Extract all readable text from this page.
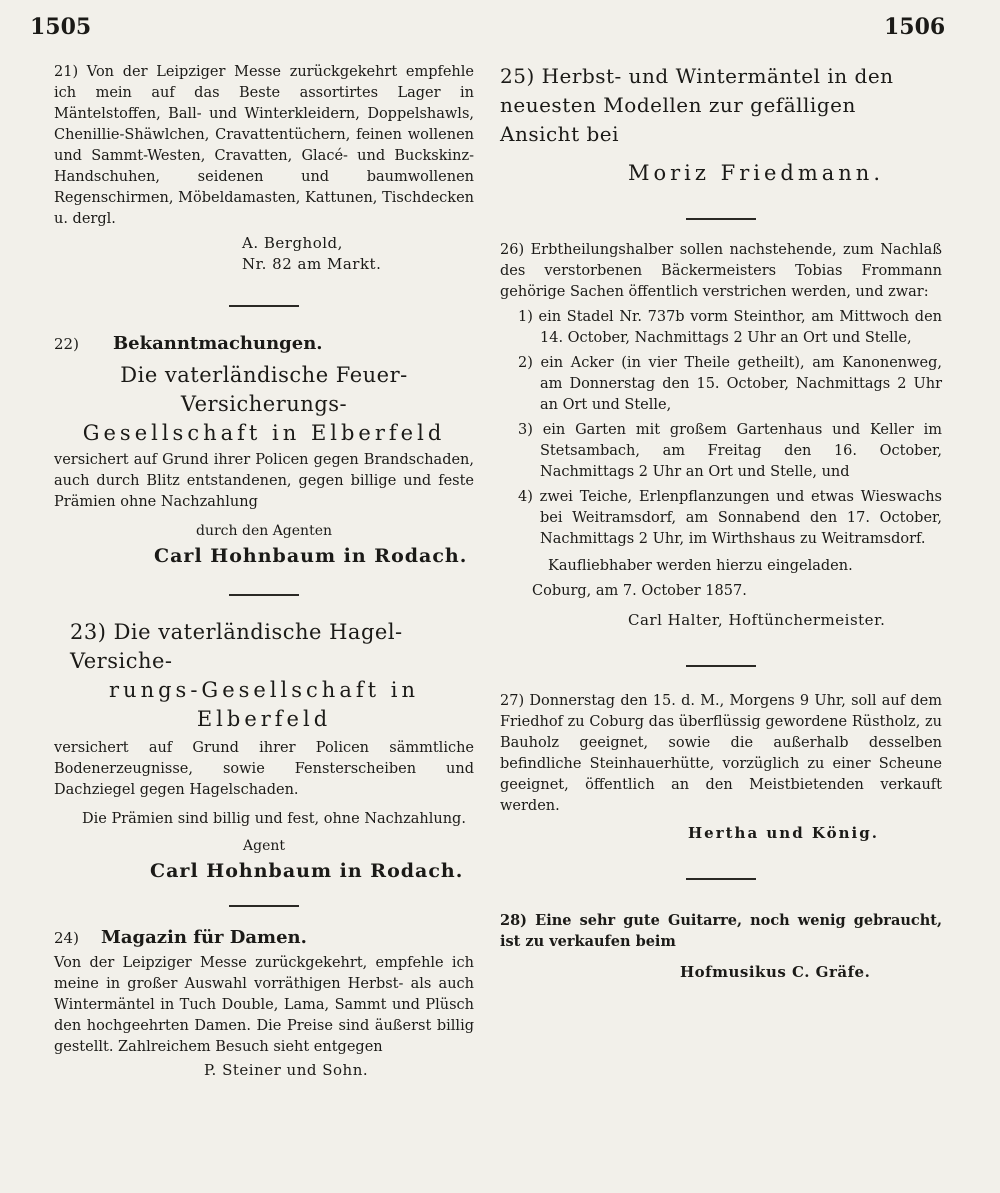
1505	1506

21) Von der Leipziger Messe zurückgekehrt empfehle ich mein auf das Beste assortirtes Lager in Mäntelstoffen, Ball- und Winterkleidern, Doppelshawls, Chenillie-Shäwlchen, Cravattentüchern, feinen wollenen und Sammt-Westen, Cravatten, Glacé- und Buckskinz-Handschuhen, seidenen und baumwollenen Regenschirmen, Möbeldamasten, Kattunen, Tischdecken u. dergl.

A. Berghold,

Nr. 82 am Markt.

22) Bekanntmachungen.

Die vaterländische Feuer-Versicherungs-

Gesellschaft in Elberfeld

versichert auf Grund ihrer Policen gegen Brandschaden, auch durch Blitz entstandenen, gegen billige und feste Prämien ohne Nachzahlung

durch den Agenten

Carl Hohnbaum in Rodach.

23) Die vaterländische Hagel-Versiche-

rungs-Gesellschaft in Elberfeld

versichert auf Grund ihrer Policen sämmtliche Bodenerzeugnisse, sowie Fensterscheiben und Dachziegel gegen Hagelschaden.

Die Prämien sind billig und fest, ohne Nachzahlung.

Agent

Carl Hohnbaum in Rodach.

24) Magazin für Damen.

Von der Leipziger Messe zurückgekehrt, empfehle ich meine in großer Auswahl vorräthigen Herbst- als auch Wintermäntel in Tuch Double, Lama, Sammt und Plüsch den hochgeehrten Damen. Die Preise sind äußerst billig gestellt. Zahlreichem Besuch sieht entgegen

P. Steiner und Sohn.

25) Herbst- und Wintermäntel in den neuesten Modellen zur gefälligen Ansicht bei

Moriz Friedmann.

26) Erbtheilungshalber sollen nachstehende, zum Nachlaß des verstorbenen Bäckermeisters Tobias Frommann gehörige Sachen öffentlich verstrichen werden, und zwar:

1) ein Stadel Nr. 737b vorm Steinthor, am Mittwoch den 14. October, Nachmittags 2 Uhr an Ort und Stelle,

2) ein Acker (in vier Theile getheilt), am Kanonenweg, am Donnerstag den 15. October, Nachmittags 2 Uhr an Ort und Stelle,

3) ein Garten mit großem Gartenhaus und Keller im Stetsambach, am Freitag den 16. October, Nachmittags 2 Uhr an Ort und Stelle, und

4) zwei Teiche, Erlenpflanzungen und etwas Wieswachs bei Weitramsdorf, am Sonnabend den 17. October, Nachmittags 2 Uhr, im Wirthshaus zu Weitramsdorf.

Kaufliebhaber werden hierzu eingeladen.

Coburg, am 7. October 1857.

Carl Halter, Hoftünchermeister.

27) Donnerstag den 15. d. M., Morgens 9 Uhr, soll auf dem Friedhof zu Coburg das überflüssig gewordene Rüstholz, zu Bauholz geeignet, sowie die außerhalb desselben befindliche Steinhauerhütte, vorzüglich zu einer Scheune geeignet, öffentlich an den Meistbietenden verkauft werden.

Hertha und König.

28) Eine sehr gute Guitarre, noch wenig gebraucht, ist zu verkaufen beim

Hofmusikus C. Gräfe.
